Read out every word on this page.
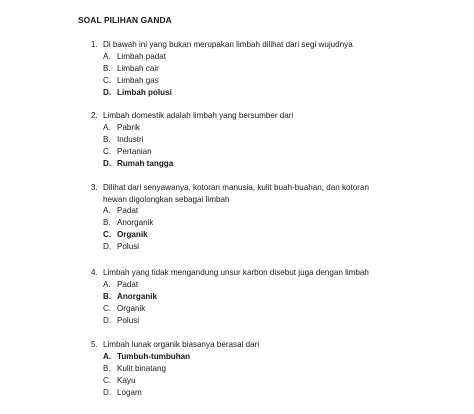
SOAL PILIHAN GANDA
1. Di bawah ini yang bukan merupakan limbah dilihat dari segi wujudnya
A. Limbah padat
B. Limbah cair
C. Limbah gas
D. Limbah polusi
2. Limbah domestik adalah limbah yang bersumber dari
A. Pabrik
B. Industri
C. Pertanian
D. Rumah tangga
3. Dilihat dari senyawanya, kotoran manusia, kulit buah-buahan, dan kotoran hewan digolongkan sebagai limbah
A. Padat
B. Anorganik
C. Organik
D. Polusi
4. Limbah yang tidak mengandung unsur karbon disebut juga dengan limbah
A. Padat
B. Anorganik
C. Organik
D. Polusi
5. Limbah lunak organik biasanya berasal dari
A. Tumbuh-tumbuhan
B. Kulit binatang
C. Kayu
D. Logam
